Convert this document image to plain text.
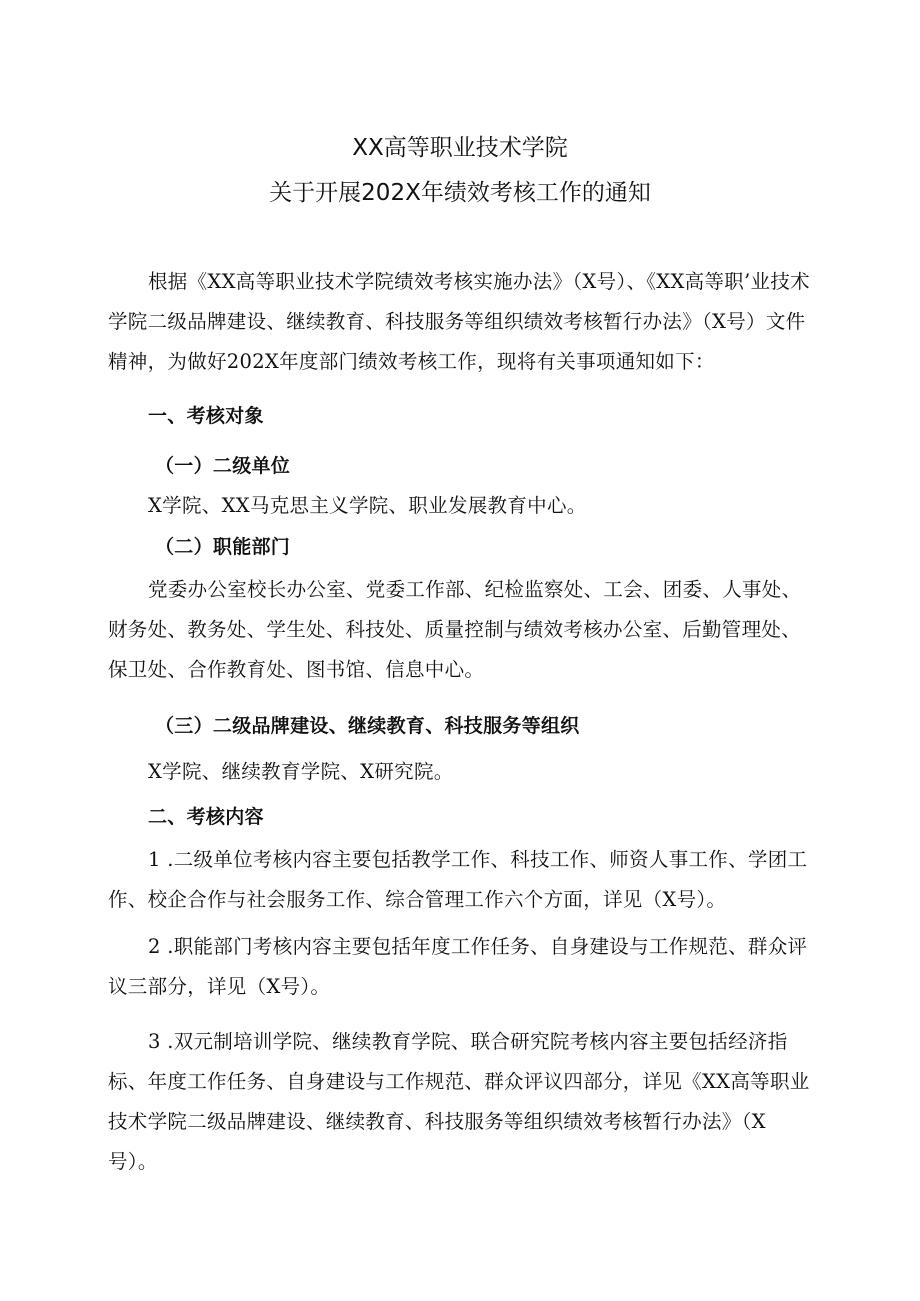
XX高等职业技术学院
关于开展202X年绩效考核工作的通知

根据《XX高等职业技术学院绩效考核实施办法》（X号）、《XX高等职’业技术学院二级品牌建设、继续教育、科技服务等组织绩效考核暂行办法》（X号）文件精神，为做好202X年度部门绩效考核工作，现将有关事项通知如下：

一、考核对象

（一）二级单位

X学院、XX马克思主义学院、职业发展教育中心。

（二）职能部门

党委办公室校长办公室、党委工作部、纪检监察处、工会、团委、人事处、财务处、教务处、学生处、科技处、质量控制与绩效考核办公室、后勤管理处、保卫处、合作教育处、图书馆、信息中心。

（三）二级品牌建设、继续教育、科技服务等组织

X学院、继续教育学院、X研究院。

二、考核内容

1 .二级单位考核内容主要包括教学工作、科技工作、师资人事工作、学团工作、校企合作与社会服务工作、综合管理工作六个方面，详见（X号）。

2 .职能部门考核内容主要包括年度工作任务、自身建设与工作规范、群众评议三部分，详见（X号）。

3 .双元制培训学院、继续教育学院、联合研究院考核内容主要包括经济指标、年度工作任务、自身建设与工作规范、群众评议四部分，详见《XX高等职业技术学院二级品牌建设、继续教育、科技服务等组织绩效考核暂行办法》（X号）。
